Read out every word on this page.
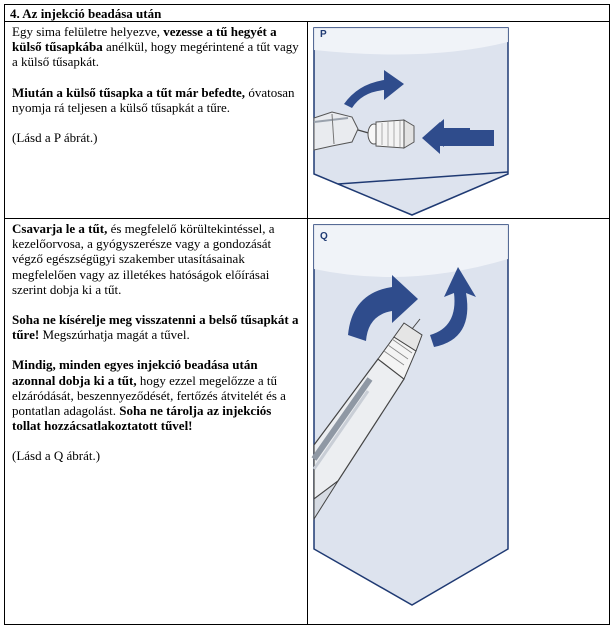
4. Az injekció beadása után	

Egy sima felületre helyezve, vezesse a tű hegyét a külső tűsapkába anélkül, hogy megérintené a tűt vagy a külső tűsapkát.
Miután a külső tűsapka a tűt már befedte, óvatosan nyomja rá teljesen a külső tűsapkát a tűre.
(Lásd a P ábrát.)	P

Csavarja le a tűt, és megfelelő körültekintéssel, a kezelőorvosa, a gyógyszerésze vagy a gondozását végző egészségügyi szakember utasításainak megfelelően vagy az illetékes hatóságok előírásai szerint dobja ki a tűt.
Soha ne kísérelje meg visszatenni a belső tűsapkát a tűre! Megszúrhatja magát a tűvel.
Mindig, minden egyes injekció beadása után azonnal dobja ki a tűt, hogy ezzel megelőzze a tű elzáródását, beszennyeződését, fertőzés átvitelét és a pontatlan adagolást. Soha ne tárolja az injekciós tollat hozzácsatlakoztatott tűvel!
(Lásd a Q ábrát.)	Q
